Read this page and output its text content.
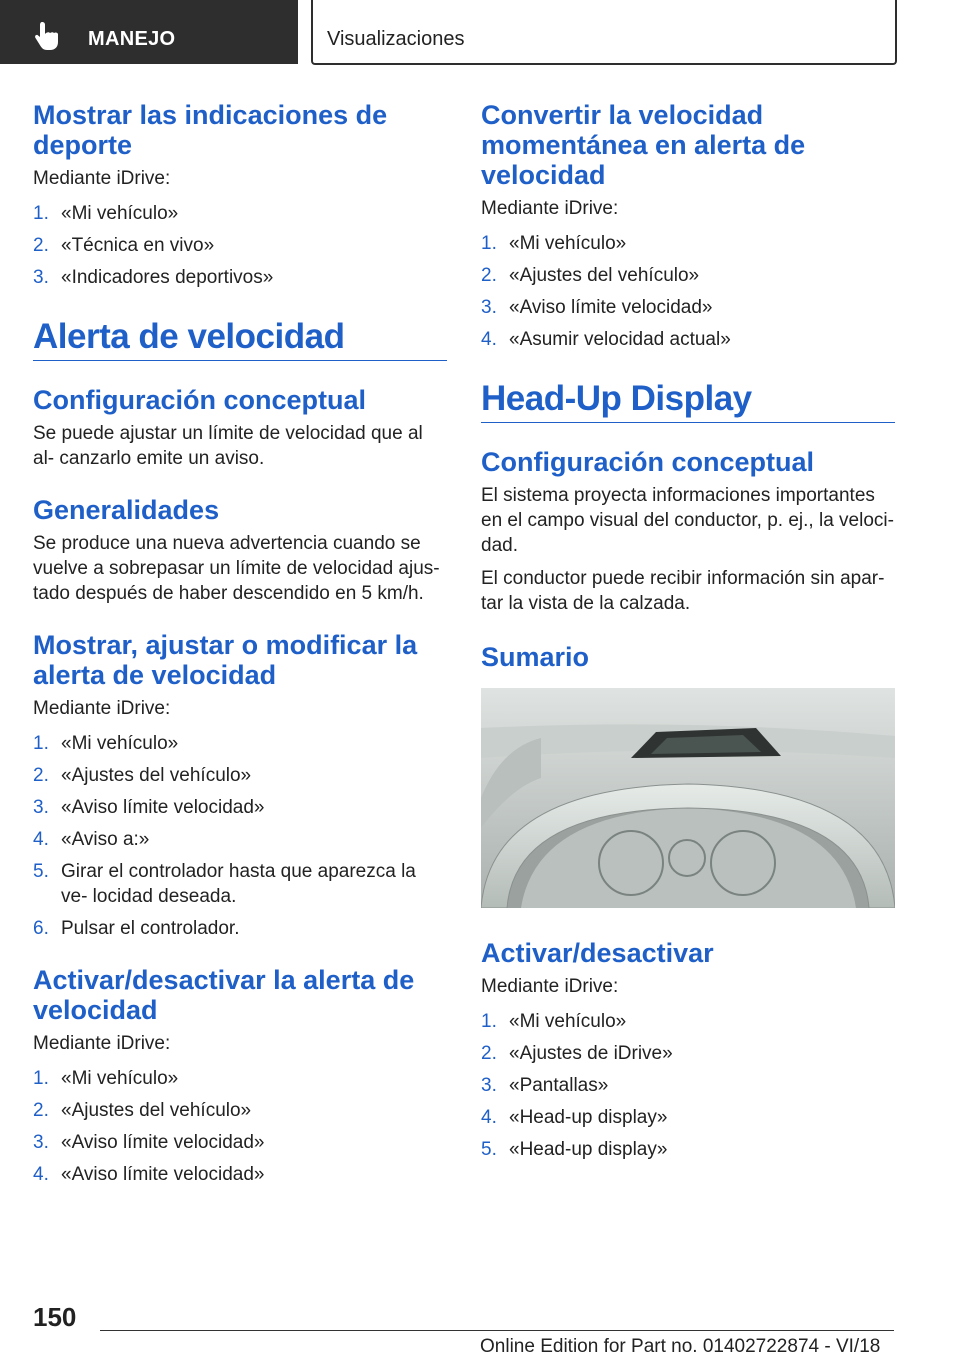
MANEJO	Visualizaciones
Mostrar las indicaciones de deporte

Mediante iDrive:

1. «Mi vehículo»
2. «Técnica en vivo»
3. «Indicadores deportivos»
Alerta de velocidad
Configuración conceptual

Se puede ajustar un límite de velocidad que al al‐ canzarlo emite un aviso.

Generalidades

Se produce una nueva advertencia cuando se vuelve a sobrepasar un límite de velocidad ajus‐ tado después de haber descendido en 5 km/h.

Mostrar, ajustar o modificar la alerta de velocidad

Mediante iDrive:

1. «Mi vehículo»
2. «Ajustes del vehículo»
3. «Aviso límite velocidad»
4. «Aviso a:»
5. Girar el controlador hasta que aparezca la ve‐ locidad deseada.
6. Pulsar el controlador.
Activar/desactivar la alerta de velocidad

Mediante iDrive:

1. «Mi vehículo»
2. «Ajustes del vehículo»
3. «Aviso límite velocidad»
4. «Aviso límite velocidad»
Convertir la velocidad momentánea en alerta de velocidad

Mediante iDrive:

1. «Mi vehículo»
2. «Ajustes del vehículo»
3. «Aviso límite velocidad»
4. «Asumir velocidad actual»
Head-Up Display
Configuración conceptual

El sistema proyecta informaciones importantes en el campo visual del conductor, p. ej., la veloci‐ dad.

El conductor puede recibir información sin apar‐ tar la vista de la calzada.

Sumario
Activar/desactivar

Mediante iDrive:

1. «Mi vehículo»
2. «Ajustes de iDrive»
3. «Pantallas»
4. «Head-up display»
5. «Head-up display»
150
Online Edition for Part no. 01402722874 - VI/18
